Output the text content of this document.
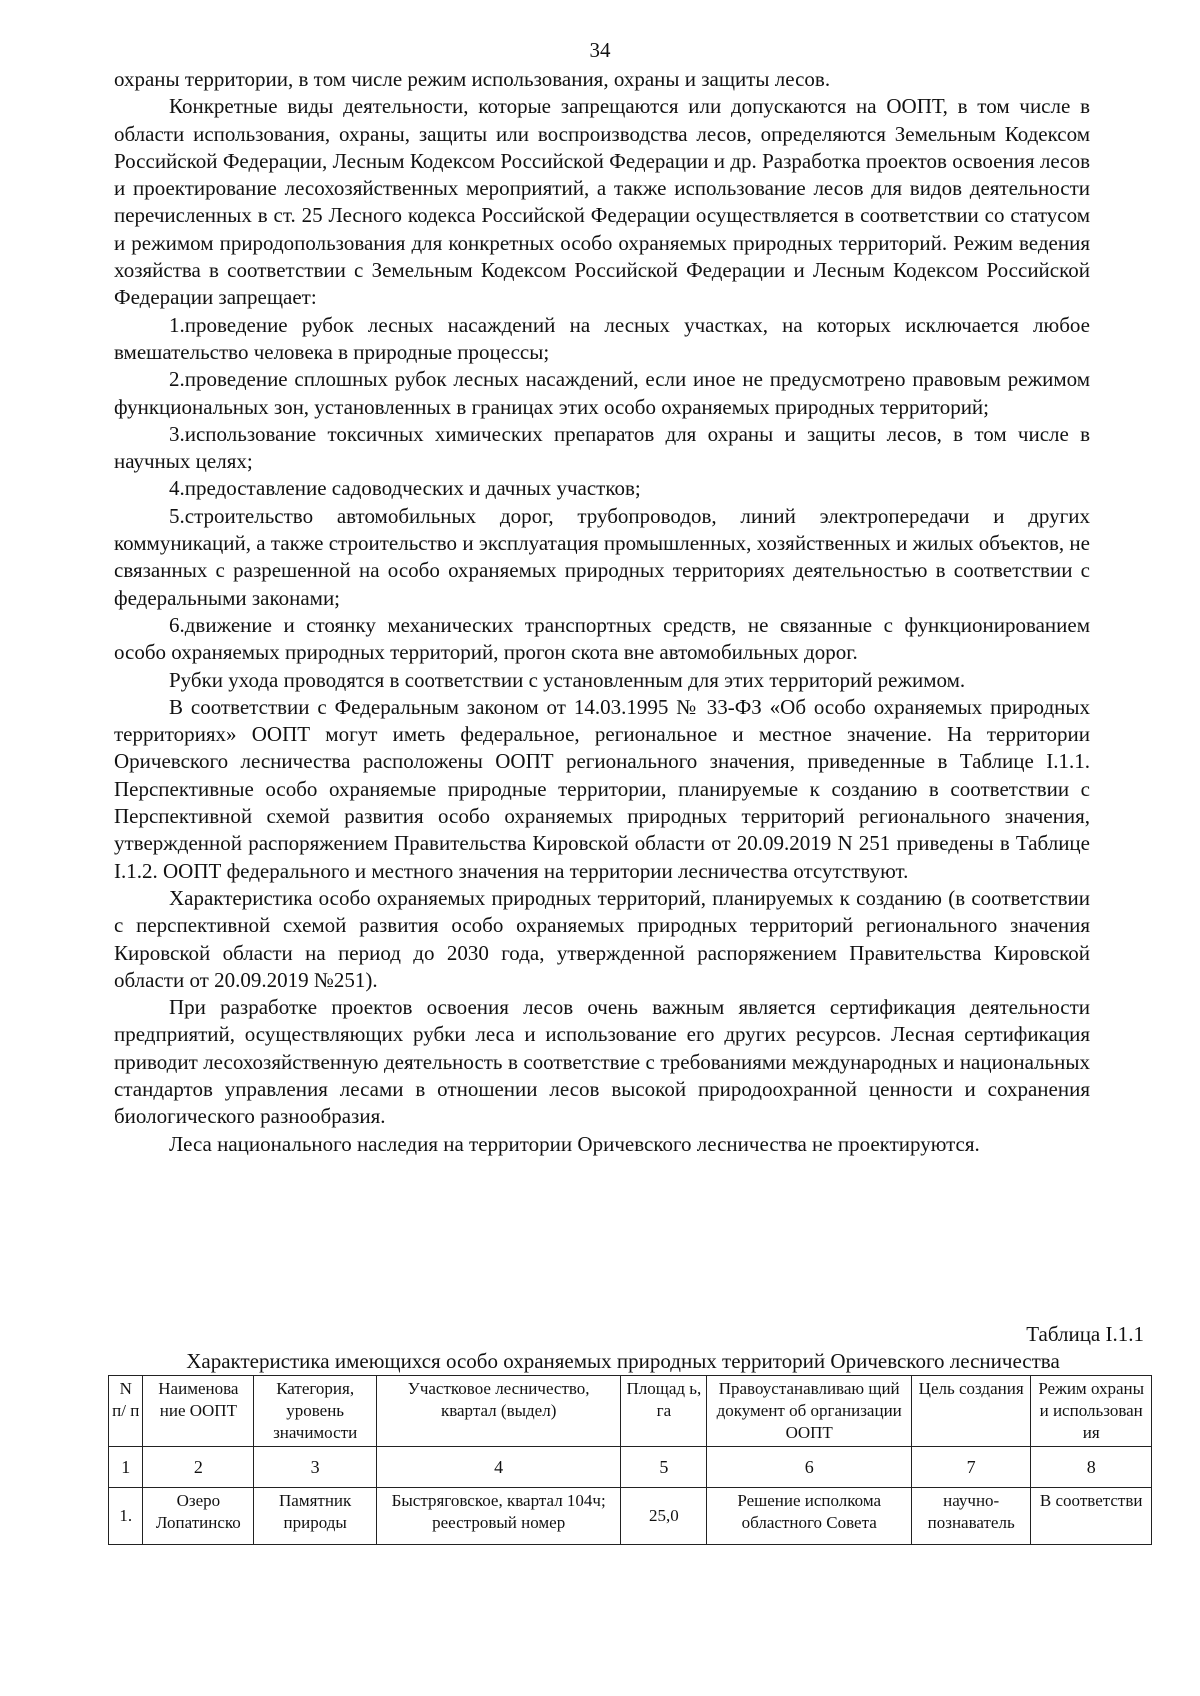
34

охраны территории, в том числе режим использования, охраны и защиты лесов.

Конкретные виды деятельности, которые запрещаются или допускаются на ООПТ, в том числе в области использования, охраны, защиты или воспроизводства лесов, определяются Земельным Кодексом Российской Федерации, Лесным Кодексом Российской Федерации и др. Разработка проектов освоения лесов и проектирование лесохозяйственных мероприятий, а также использование лесов для видов деятельности перечисленных в ст. 25 Лесного кодекса Российской Федерации осуществляется в соответствии со статусом и режимом природопользования для конкретных особо охраняемых природных территорий. Режим ведения хозяйства в соответствии с Земельным Кодексом Российской Федерации и Лесным Кодексом Российской Федерации запрещает:

1.проведение рубок лесных насаждений на лесных участках, на которых исключается любое вмешательство человека в природные процессы;

2.проведение сплошных рубок лесных насаждений, если иное не предусмотрено правовым режимом функциональных зон, установленных в границах этих особо охраняемых природных территорий;

3.использование токсичных химических препаратов для охраны и защиты лесов, в том числе в научных целях;

4.предоставление садоводческих и дачных участков;

5.строительство автомобильных дорог, трубопроводов, линий электропередачи и других коммуникаций, а также строительство и эксплуатация промышленных, хозяйственных и жилых объектов, не связанных с разрешенной на особо охраняемых природных территориях деятельностью в соответствии с федеральными законами;

6.движение и стоянку механических транспортных средств, не связанные с функционированием особо охраняемых природных территорий, прогон скота вне автомобильных дорог.

Рубки ухода проводятся в соответствии с установленным для этих территорий режимом.

В соответствии с Федеральным законом от 14.03.1995 № 33-ФЗ «Об особо охраняемых природных территориях» ООПТ могут иметь федеральное, региональное и местное значение. На территории Оричевского лесничества расположены ООПТ регионального значения, приведенные в Таблице I.1.1. Перспективные особо охраняемые природные территории, планируемые к созданию в соответствии с Перспективной схемой развития особо охраняемых природных территорий регионального значения, утвержденной распоряжением Правительства Кировской области от 20.09.2019 N 251 приведены в Таблице I.1.2. ООПТ федерального и местного значения на территории лесничества отсутствуют.

Характеристика особо охраняемых природных территорий, планируемых к созданию (в соответствии с перспективной схемой развития особо охраняемых природных территорий регионального значения Кировской области на период до 2030 года, утвержденной распоряжением Правительства Кировской области от 20.09.2019 №251).

При разработке проектов освоения лесов очень важным является сертификация деятельности предприятий, осуществляющих рубки леса и использование его других ресурсов. Лесная сертификация приводит лесохозяйственную деятельность в соответствие с требованиями международных и национальных стандартов управления лесами в отношении лесов высокой природоохранной ценности и сохранения биологического разнообразия.

Леса национального наследия на территории Оричевского лесничества не проектируются.

Таблица I.1.1
Характеристика имеющихся особо охраняемых природных территорий Оричевского лесничества
N п/ п	Наименова ние ООПТ	Категория, уровень значимости	Участковое лесничество, квартал (выдел)	Площад ь, га	Правоустанавливаю щий документ об организации ООПТ	Цель создания	Режим охраны и использован ия
1	2	3	4	5	6	7	8
1.	Озеро Лопатинско	Памятник природы	Быстряговское, квартал 104ч; реестровый номер	25,0	Решение исполкома областного Совета	научно- познаватель	В соответстви
